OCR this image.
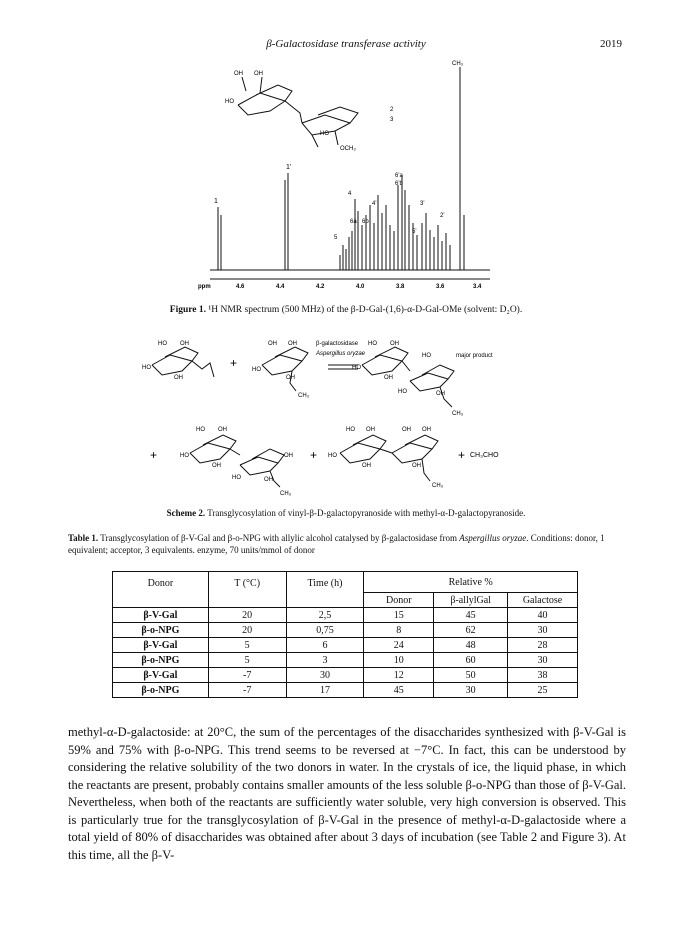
β-Galactosidase transferase activity	2019
OH OH
HO
HO
OCH₃
1
1'
CH₃
2
3
4
4'
5
5'
6a 6b
6'a
6'b
3'
2'
ppm	4.6	4.4	4.2	4.0	3.8	3.6	3.4
Figure 1. ¹H NMR spectrum (500 MHz) of the β-D-Gal-(1,6)-α-D-Gal-OMe (solvent: D₂O).
HO OH
HO
OH
+
OH OH
HO
OH
CH₃
β-galactosidase
Aspergillus oryzae
HO OH
HO
OH
HO	major product
HO	OH
CH₃
+
HO OH
HO
OH
OH
HO	OH
CH₃
+
HO OH
HO
OH
OH OH
OH
CH₃
+ CH₃CHO
Scheme 2. Transglycosylation of vinyl-β-D-galactopyranoside with methyl-α-D-galactopyranoside.
Table 1. Transglycosylation of β-V-Gal and β-o-NPG with allylic alcohol catalysed by β-galactosidase from Aspergillus oryzae. Conditions: donor, 1 equivalent; acceptor, 3 equivalents. enzyme, 70 units/mmol of donor
Donor	T (°C)	Time (h)	Relative %		
			Donor	β-allylGal	Galactose
β-V-Gal	20	2,5	15	45	40
β-o-NPG	20	0,75	8	62	30
β-V-Gal	5	6	24	48	28
β-o-NPG	5	3	10	60	30
β-V-Gal	-7	30	12	50	38
β-o-NPG	-7	17	45	30	25
methyl-α-D-galactoside: at 20°C, the sum of the percentages of the disaccharides synthesized with β-V-Gal is 59% and 75% with β-o-NPG. This trend seems to be reversed at −7°C. In fact, this can be understood by considering the relative solubility of the two donors in water. In the crystals of ice, the liquid phase, in which the reactants are present, probably contains smaller amounts of the less soluble β-o-NPG than those of β-V-Gal. Nevertheless, when both of the reactants are sufficiently water soluble, very high conversion is observed. This is particularly true for the transglycosylation of β-V-Gal in the presence of methyl-α-D-galactoside where a total yield of 80% of disaccharides was obtained after about 3 days of incubation (see Table 2 and Figure 3). At this time, all the β-V-
